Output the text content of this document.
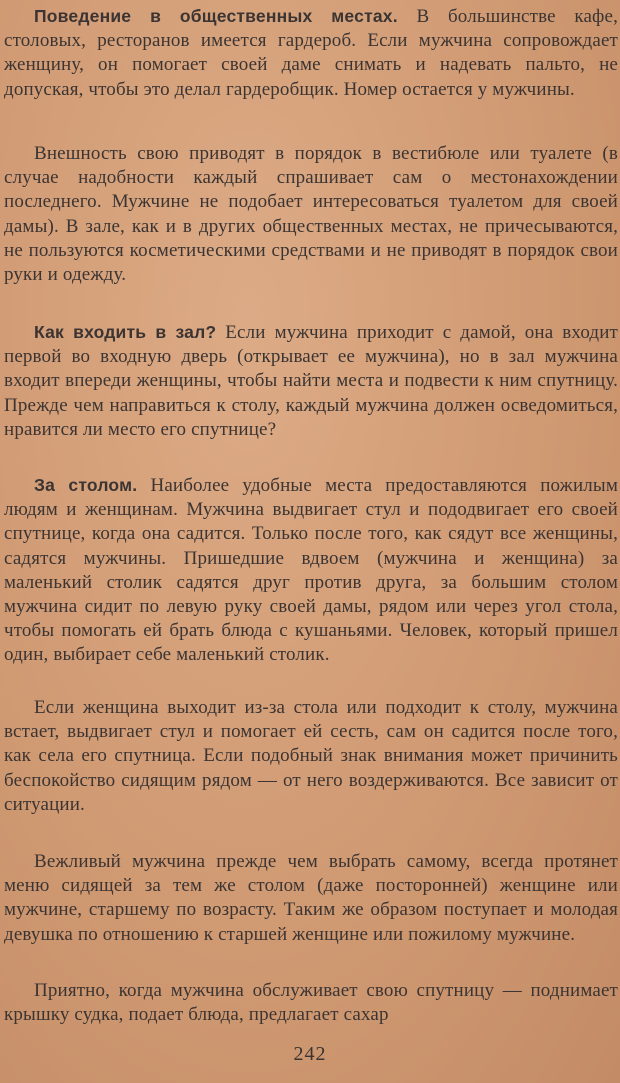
Поведение в общественных местах. В большинстве кафе, столовых, ресторанов имеется гардероб. Если мужчина сопровождает женщину, он помогает своей даме снимать и надевать пальто, не допуская, чтобы это делал гардеробщик. Номер остается у мужчины.

Внешность свою приводят в порядок в вестибюле или туалете (в случае надобности каждый спрашивает сам о местонахождении последнего. Мужчине не подобает интересоваться туалетом для своей дамы). В зале, как и в других общественных местах, не причесываются, не пользуются косметическими средствами и не приводят в порядок свои руки и одежду.

Как входить в зал? Если мужчина приходит с дамой, она входит первой во входную дверь (открывает ее мужчина), но в зал мужчина входит впереди женщины, чтобы найти места и подвести к ним спутницу. Прежде чем направиться к столу, каждый мужчина должен осведомиться, нравится ли место его спутнице?

За столом. Наиболее удобные места предоставляются пожилым людям и женщинам. Мужчина выдвигает стул и пододвигает его своей спутнице, когда она садится. Только после того, как сядут все женщины, садятся мужчины. Пришедшие вдвоем (мужчина и женщина) за маленький столик садятся друг против друга, за большим столом мужчина сидит по левую руку своей дамы, рядом или через угол стола, чтобы помогать ей брать блюда с кушаньями. Человек, который пришел один, выбирает себе маленький столик.

Если женщина выходит из-за стола или подходит к столу, мужчина встает, выдвигает стул и помогает ей сесть, сам он садится после того, как села его спутница. Если подобный знак внимания может причинить беспокойство сидящим рядом — от него воздерживаются. Все зависит от ситуации.

Вежливый мужчина прежде чем выбрать самому, всегда протянет меню сидящей за тем же столом (даже посторонней) женщине или мужчине, старшему по возрасту. Таким же образом поступает и молодая девушка по отношению к старшей женщине или пожилому мужчине.

Приятно, когда мужчина обслуживает свою спутницу — поднимает крышку судка, подает блюда, предлагает сахар

242
